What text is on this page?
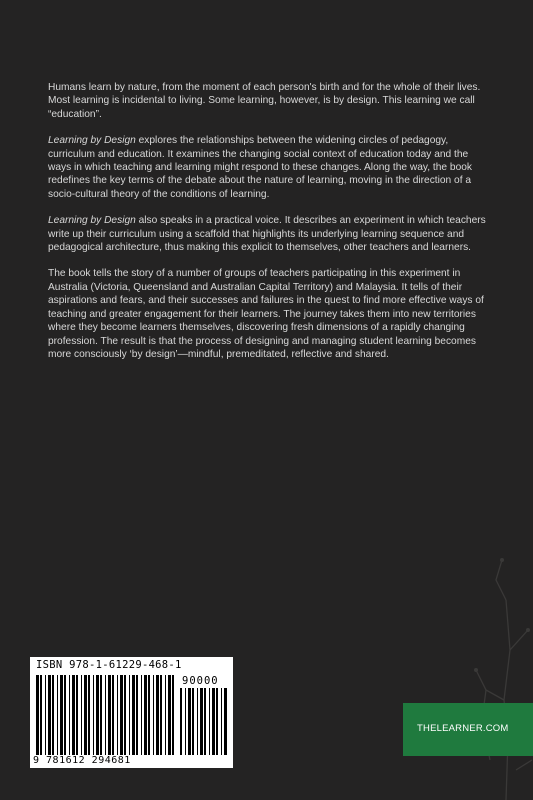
Humans learn by nature, from the moment of each person's birth and for the whole of their lives. Most learning is incidental to living. Some learning, however, is by design. This learning we call “education”.

Learning by Design explores the relationships between the widening circles of pedagogy, curriculum and education. It examines the changing social context of education today and the ways in which teaching and learning might respond to these changes. Along the way, the book redefines the key terms of the debate about the nature of learning, moving in the direction of a socio-cultural theory of the conditions of learning.

Learning by Design also speaks in a practical voice. It describes an experiment in which teachers write up their curriculum using a scaffold that highlights its underlying learning sequence and pedagogical architecture, thus making this explicit to themselves, other teachers and learners.

The book tells the story of a number of groups of teachers participating in this experiment in Australia (Victoria, Queensland and Australian Capital Territory) and Malaysia. It tells of their aspirations and fears, and their successes and failures in the quest to find more effective ways of teaching and greater engagement for their learners. The journey takes them into new territories where they become learners themselves, discovering fresh dimensions of a rapidly changing profession. The result is that the process of designing and managing student learning becomes more consciously ‘by design’—mindful, premeditated, reflective and shared.

ISBN 978-1-61229-468-1
90000
9 781612 294681
THELEARNER.COM
